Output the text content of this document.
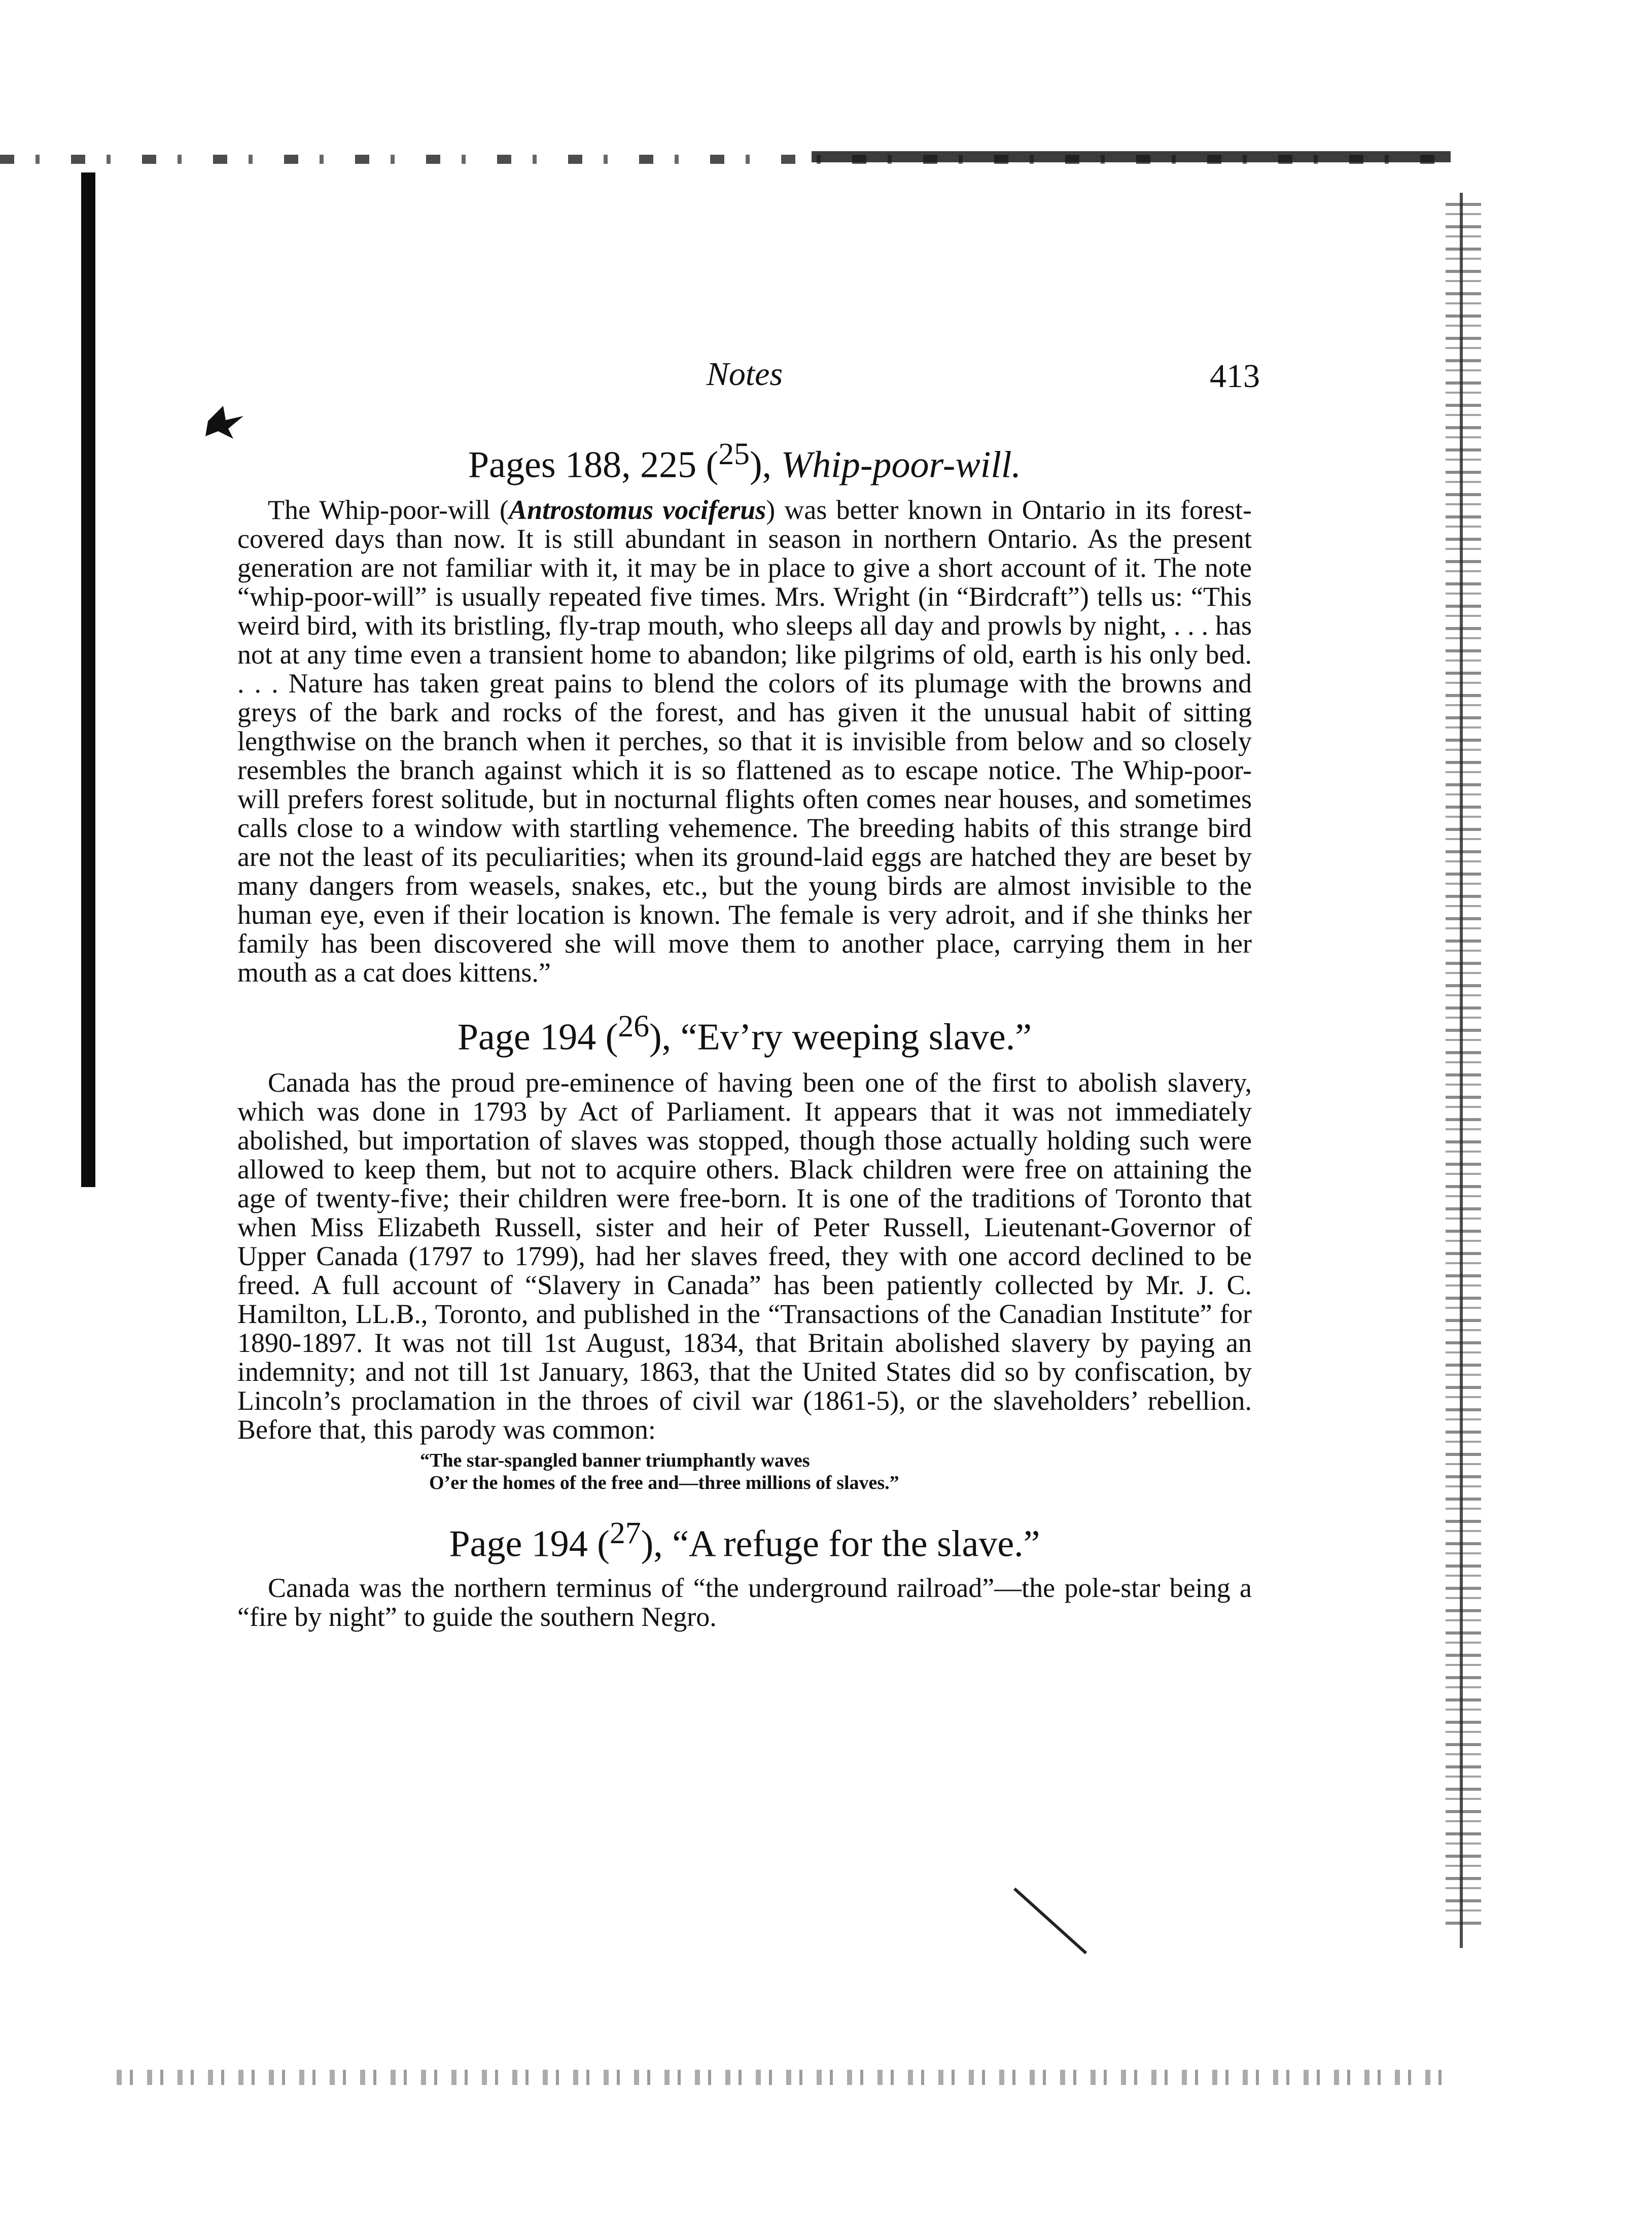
Notes	413
Pages 188, 225 ($^{25}$), Whip-poor-will.

The Whip-poor-will (Antrostomus vociferus) was better known in Ontario in its forest-covered days than now. It is still abundant in season in northern Ontario. As the present generation are not familiar with it, it may be in place to give a short account of it. The note “whip-poor-will” is usually repeated five times. Mrs. Wright (in “Birdcraft”) tells us: “This weird bird, with its bristling, fly-trap mouth, who sleeps all day and prowls by night, . . . has not at any time even a transient home to abandon; like pilgrims of old, earth is his only bed. . . . Nature has taken great pains to blend the colors of its plumage with the browns and greys of the bark and rocks of the forest, and has given it the unusual habit of sitting lengthwise on the branch when it perches, so that it is invisible from below and so closely resembles the branch against which it is so flattened as to escape notice. The Whip-poor-will prefers forest solitude, but in nocturnal flights often comes near houses, and sometimes calls close to a window with startling vehemence. The breeding habits of this strange bird are not the least of its peculiarities; when its ground-laid eggs are hatched they are beset by many dangers from weasels, snakes, etc., but the young birds are almost invisible to the human eye, even if their location is known. The female is very adroit, and if she thinks her family has been discovered she will move them to another place, carrying them in her mouth as a cat does kittens.”

Page 194 ($^{26}$), “Ev’ry weeping slave.”

Canada has the proud pre-eminence of having been one of the first to abolish slavery, which was done in 1793 by Act of Parliament. It appears that it was not immediately abolished, but importation of slaves was stopped, though those actually holding such were allowed to keep them, but not to acquire others. Black children were free on attaining the age of twenty-five; their children were free-born. It is one of the traditions of Toronto that when Miss Elizabeth Russell, sister and heir of Peter Russell, Lieutenant-Governor of Upper Canada (1797 to 1799), had her slaves freed, they with one accord declined to be freed. A full account of “Slavery in Canada” has been patiently collected by Mr. J. C. Hamilton, LL.B., Toronto, and published in the “Transactions of the Canadian Institute” for 1890-1897. It was not till 1st August, 1834, that Britain abolished slavery by paying an indemnity; and not till 1st January, 1863, that the United States did so by confiscation, by Lincoln’s proclamation in the throes of civil war (1861-5), or the slaveholders’ rebellion. Before that, this parody was common:

“The star-spangled banner triumphantly waves
O’er the homes of the free and—three millions of slaves.”
Page 194 ($^{27}$), “A refuge for the slave.”

Canada was the northern terminus of “the underground railroad”—the pole-star being a “fire by night” to guide the southern Negro.
